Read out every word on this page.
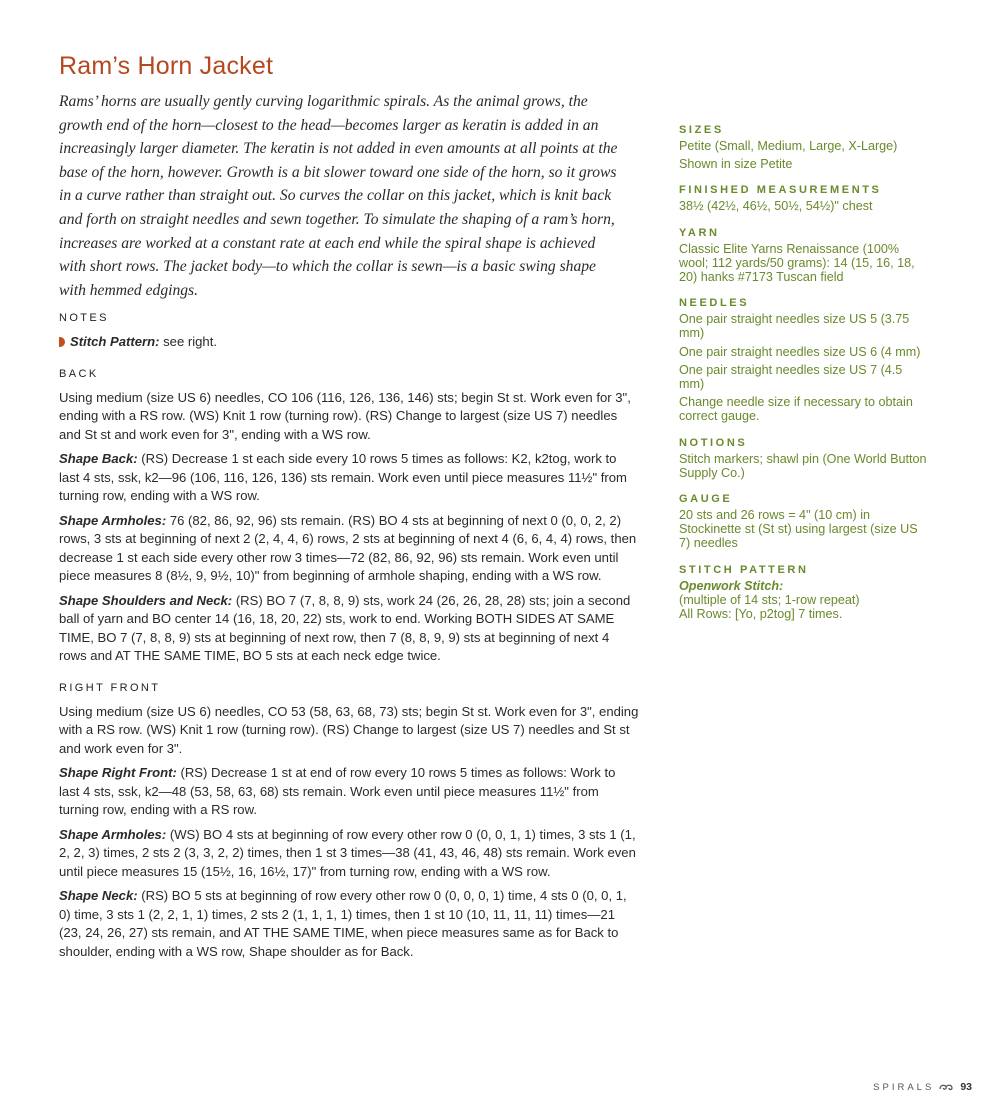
Ram’s Horn Jacket

Rams’ horns are usually gently curving logarithmic spirals. As the animal grows, the growth end of the horn—closest to the head—becomes larger as keratin is added in an increasingly larger diameter. The keratin is not added in even amounts at all points at the base of the horn, however. Growth is a bit slower toward one side of the horn, so it grows in a curve rather than straight out. So curves the collar on this jacket, which is knit back and forth on straight needles and sewn together. To simulate the shaping of a ram’s horn, increases are worked at a constant rate at each end while the spiral shape is achieved with short rows. The jacket body—to which the collar is sewn—is a basic swing shape with hemmed edgings.

NOTES
Stitch Pattern: see right.
BACK

Using medium (size US 6) needles, CO 106 (116, 126, 136, 146) sts; begin St st. Work even for 3", ending with a RS row. (WS) Knit 1 row (turning row). (RS) Change to largest (size US 7) needles and St st and work even for 3", ending with a WS row.

Shape Back: (RS) Decrease 1 st each side every 10 rows 5 times as follows: K2, k2tog, work to last 4 sts, ssk, k2—96 (106, 116, 126, 136) sts remain. Work even until piece measures 11½" from turning row, ending with a WS row.

Shape Armholes: 76 (82, 86, 92, 96) sts remain. (RS) BO 4 sts at beginning of next 0 (0, 0, 2, 2) rows, 3 sts at beginning of next 2 (2, 4, 4, 6) rows, 2 sts at beginning of next 4 (6, 6, 4, 4) rows, then decrease 1 st each side every other row 3 times—72 (82, 86, 92, 96) sts remain. Work even until piece measures 8 (8½, 9, 9½, 10)" from beginning of armhole shaping, ending with a WS row.

Shape Shoulders and Neck: (RS) BO 7 (7, 8, 8, 9) sts, work 24 (26, 26, 28, 28) sts; join a second ball of yarn and BO center 14 (16, 18, 20, 22) sts, work to end. Working BOTH SIDES AT SAME TIME, BO 7 (7, 8, 8, 9) sts at beginning of next row, then 7 (8, 8, 9, 9) sts at beginning of next 4 rows and AT THE SAME TIME, BO 5 sts at each neck edge twice.

RIGHT FRONT

Using medium (size US 6) needles, CO 53 (58, 63, 68, 73) sts; begin St st. Work even for 3", ending with a RS row. (WS) Knit 1 row (turning row). (RS) Change to largest (size US 7) needles and St st and work even for 3".

Shape Right Front: (RS) Decrease 1 st at end of row every 10 rows 5 times as follows: Work to last 4 sts, ssk, k2—48 (53, 58, 63, 68) sts remain. Work even until piece measures 11½" from turning row, ending with a RS row.

Shape Armholes: (WS) BO 4 sts at beginning of row every other row 0 (0, 0, 1, 1) times, 3 sts 1 (1, 2, 2, 3) times, 2 sts 2 (3, 3, 2, 2) times, then 1 st 3 times—38 (41, 43, 46, 48) sts remain. Work even until piece measures 15 (15½, 16, 16½, 17)" from turning row, ending with a WS row.

Shape Neck: (RS) BO 5 sts at beginning of row every other row 0 (0, 0, 0, 1) time, 4 sts 0 (0, 0, 1, 0) time, 3 sts 1 (2, 2, 1, 1) times, 2 sts 2 (1, 1, 1, 1) times, then 1 st 10 (10, 11, 11, 11) times—21 (23, 24, 26, 27) sts remain, and AT THE SAME TIME, when piece measures same as for Back to shoulder, ending with a WS row, Shape shoulder as for Back.

SIZES
Petite (Small, Medium, Large, X-Large)
Shown in size Petite
FINISHED MEASUREMENTS
38½ (42½, 46½, 50½, 54½)" chest
YARN
Classic Elite Yarns Renaissance (100% wool; 112 yards/50 grams): 14 (15, 16, 18, 20) hanks #7173 Tuscan field
NEEDLES
One pair straight needles size US 5 (3.75 mm)
One pair straight needles size US 6 (4 mm)
One pair straight needles size US 7 (4.5 mm)
Change needle size if necessary to obtain correct gauge.
NOTIONS
Stitch markers; shawl pin (One World Button Supply Co.)
GAUGE
20 sts and 26 rows = 4" (10 cm) in Stockinette st (St st) using largest (size US 7) needles
STITCH PATTERN
Openwork Stitch:
(multiple of 14 sts; 1-row repeat)
All Rows: [Yo, p2tog] 7 times.
SPIRALS 93
